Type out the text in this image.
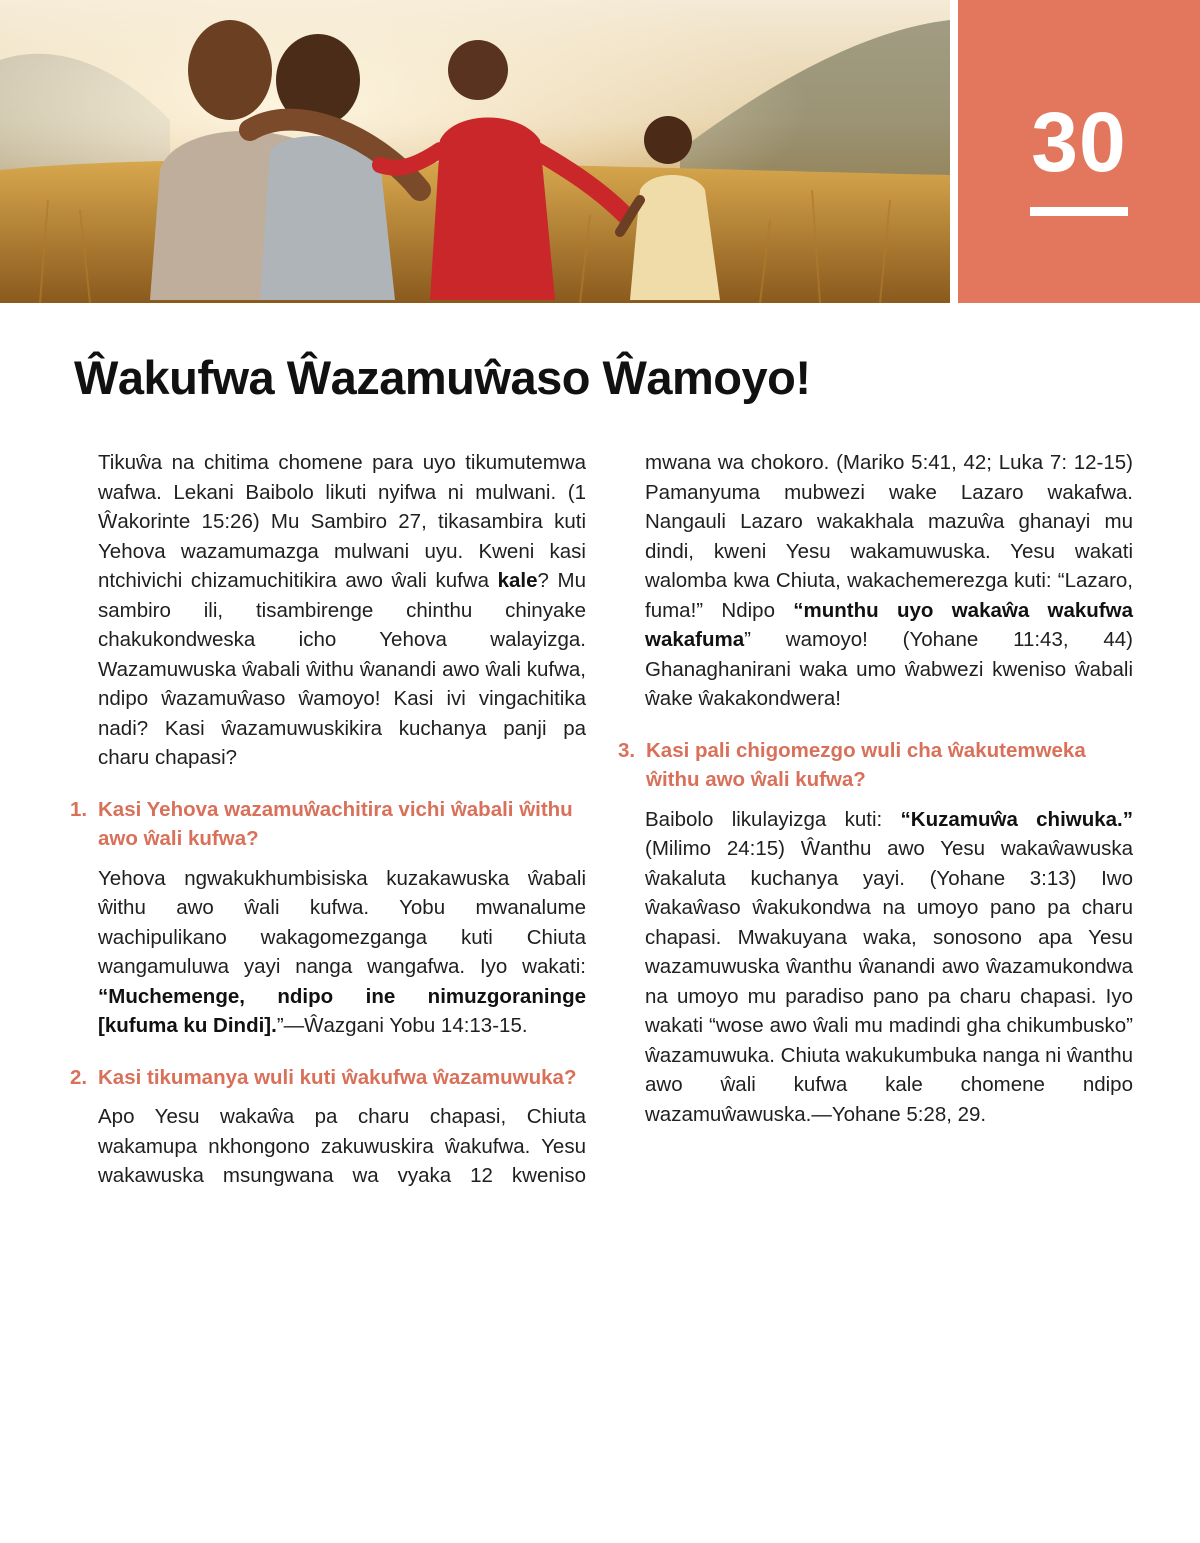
30
Ŵakufwa Ŵazamuŵaso Ŵamoyo!

Tikuŵa na chitima chomene para uyo tikumutemwa wafwa. Lekani Baibolo likuti nyifwa ni mulwani. (1 Ŵakorinte 15:26) Mu Sambiro 27, tikasambira kuti Yehova wazamumazga mulwani uyu. Kweni kasi ntchivichi chizamuchitikira awo ŵali kufwa kale? Mu sambiro ili, tisambirenge chinthu chinyake chakukondweska icho Yehova walayizga. Wazamuwuska ŵabali ŵithu ŵanandi awo ŵali kufwa, ndipo ŵazamuŵaso ŵamoyo! Kasi ivi vingachitika nadi? Kasi ŵazamuwuskikira kuchanya panji pa charu chapasi?

1. Kasi Yehova wazamuŵachitira vichi ŵabali ŵithu awo ŵali kufwa?

Yehova ngwakukhumbisiska kuzakawuska ŵabali ŵithu awo ŵali kufwa. Yobu mwanalume wachipulikano wakagomezganga kuti Chiuta wangamuluwa yayi nanga wangafwa. Iyo wakati: “Muchemenge, ndipo ine nimuzgoraninge [kufuma ku Dindi].”—Ŵazgani Yobu 14:13-15.

2. Kasi tikumanya wuli kuti ŵakufwa ŵazamuwuka?

Apo Yesu wakaŵa pa charu chapasi, Chiuta wakamupa nkhongono zakuwuskira ŵakufwa. Yesu wakawuska msungwana wa vyaka 12 kweniso

mwana wa chokoro. (Mariko 5:41, 42; Luka 7: 12-15) Pamanyuma mubwezi wake Lazaro wakafwa. Nangauli Lazaro wakakhala mazuŵa ghanayi mu dindi, kweni Yesu wakamuwuska. Yesu wakati walomba kwa Chiuta, wakachemerezga kuti: “Lazaro, fuma!” Ndipo “munthu uyo wakaŵa wakufwa wakafuma” wamoyo! (Yohane 11:43, 44) Ghanaghanirani waka umo ŵabwezi kweniso ŵabali ŵake ŵakakondwera!

3. Kasi pali chigomezgo wuli cha ŵakutemweka ŵithu awo ŵali kufwa?

Baibolo likulayizga kuti: “Kuzamuŵa chiwuka.” (Milimo 24:15) Ŵanthu awo Yesu wakaŵawuska ŵakaluta kuchanya yayi. (Yohane 3:13) Iwo ŵakaŵaso ŵakukondwa na umoyo pano pa charu chapasi. Mwakuyana waka, sonosono apa Yesu wazamuwuska ŵanthu ŵanandi awo ŵazamukondwa na umoyo mu paradiso pano pa charu chapasi. Iyo wakati “wose awo ŵali mu madindi gha chikumbusko” ŵazamuwuka. Chiuta wakukumbuka nanga ni ŵanthu awo ŵali kufwa kale chomene ndipo wazamuŵawuska.—Yohane 5:28, 29.
